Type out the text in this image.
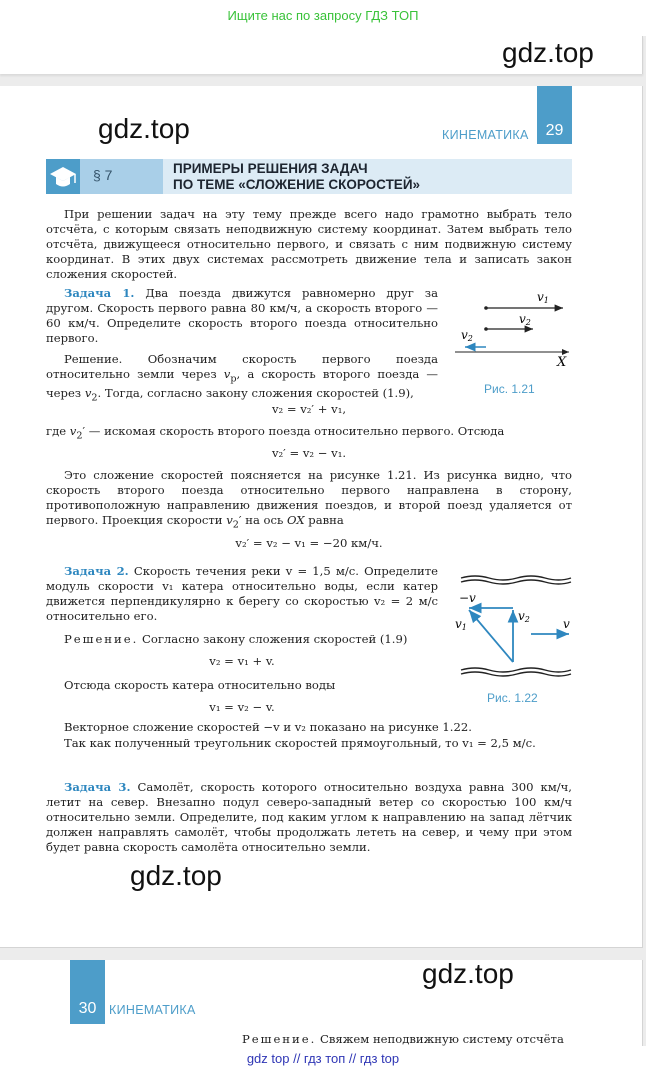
Ищите нас по запросу ГДЗ ТОП
gdz.top
29
КИНЕМАТИКА
gdz.top
§ 7	ПРИМЕРЫ РЕШЕНИЯ ЗАДАЧ
ПО ТЕМЕ «СЛОЖЕНИЕ СКОРОСТЕЙ»

При решении задач на эту тему прежде всего надо грамотно выбрать тело отсчёта, с которым связать неподвижную систему координат. Затем выбрать тело отсчёта, движущееся относительно первого, и связать с ним подвижную систему координат. В этих двух системах рассмотреть движение тела и записать закон сложения скоростей.

Задача 1. Два поезда движутся равномерно друг за другом. Скорость первого равна 80 км/ч, а скорость второго — 60 км/ч. Определите скорость второго поезда относительно первого.

v1
v2
v2
X
Рис. 1.21

Решение. Обозначим скорость первого поезда относительно земли через $v_p$, а скорость второго поезда — через $v_2$. Тогда, согласно закону сложения скоростей (1.9),

v₂ = v₂′ + v₁,

где $v_2'$ — искомая скорость второго поезда относительно первого. Отсюда

v₂′ = v₂ − v₁.

Это сложение скоростей поясняется на рисунке 1.21. Из рисунка видно, что скорость второго поезда относительно первого направлена в сторону, противоположную направлению движения поездов, и второй поезд удаляется от первого. Проекция скорости $v_2'$ на ось OX равна

v₂′ = v₂ − v₁ = −20 км/ч.

Задача 2. Скорость течения реки v = 1,5 м/с. Определите модуль скорости v₁ катера относительно воды, если катер движется перпендикулярно к берегу со скоростью v₂ = 2 м/с относительно его.

−v
v1
v2	v
Рис. 1.22

Решение. Согласно закону сложения скоростей (1.9)

v₂ = v₁ + v.

Отсюда скорость катера относительно воды

v₁ = v₂ − v.

Векторное сложение скоростей −v и v₂ показано на рисунке 1.22.

Так как полученный треугольник скоростей прямоугольный, то v₁ = 2,5 м/с.

Задача 3. Самолёт, скорость которого относительно воздуха равна 300 км/ч, летит на север. Внезапно подул северо-западный ветер со скоростью 100 км/ч относительно земли. Определите, под каким углом к направлению на запад лётчик должен направлять самолёт, чтобы продолжать лететь на север, и чему при этом будет равна скорость самолёта относительно земли.

gdz.top
30	КИНЕМАТИКА

Решение. Свяжем неподвижную систему отсчёта

gdz.top
gdz top // гдз топ // гдз top
